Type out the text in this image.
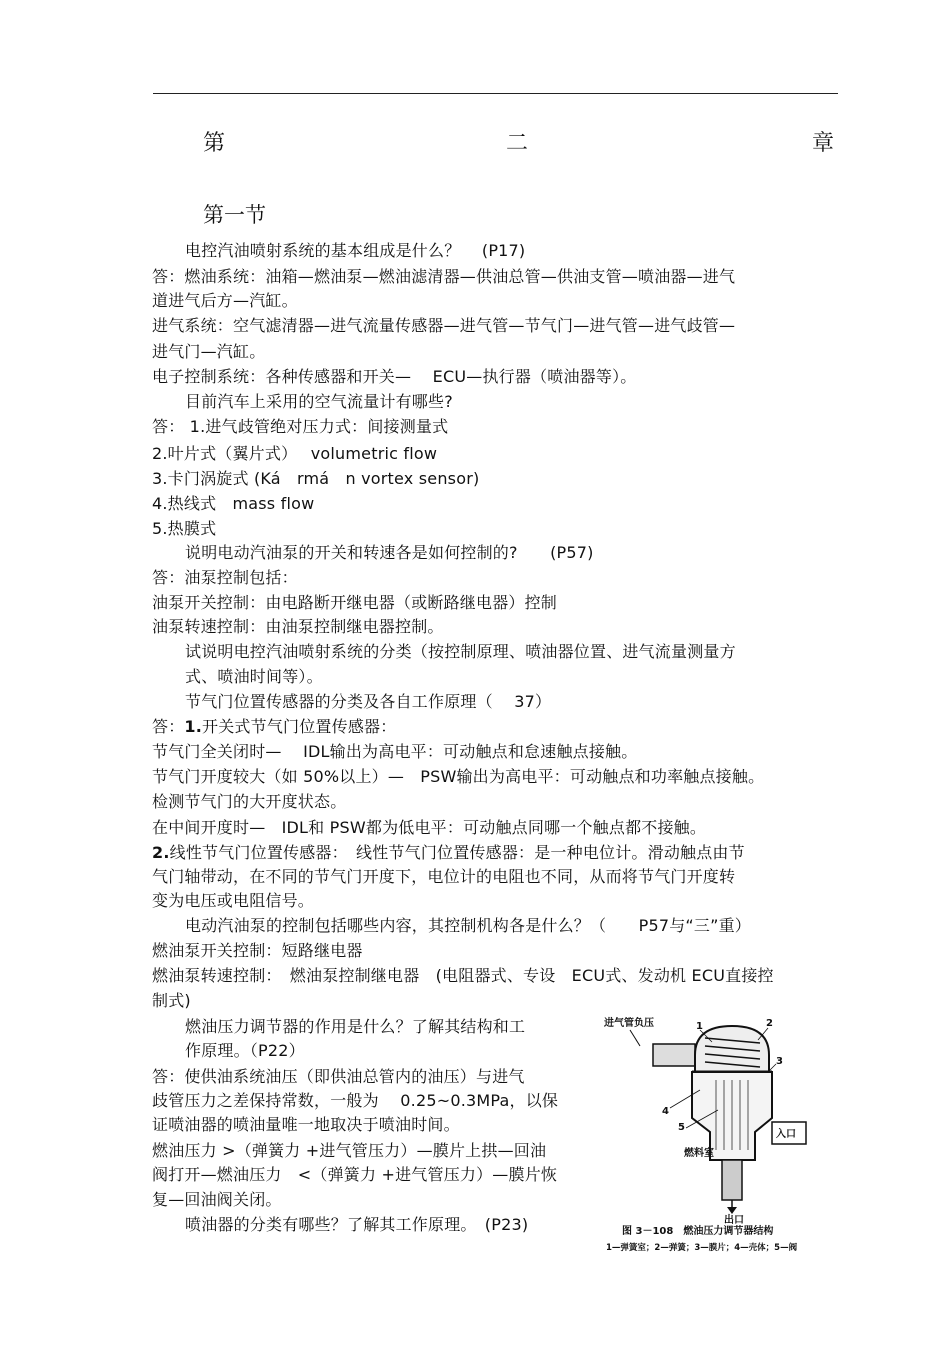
第	二	章
第一节
电控汽油喷射系统的基本组成是什么？　 (P17)
答：燃油系统：油箱—燃油泵—燃油滤清器—供油总管—供油支管—喷油器—进气
道进气后方—汽缸。
进气系统：空气滤清器—进气流量传感器—进气管—节气门—进气管—进气歧管—
进气门—汽缸。
电子控制系统：各种传感器和开关—　 ECU—执行器（喷油器等）。
目前汽车上采用的空气流量计有哪些?
答： 1.进气歧管绝对压力式：间接测量式
2.叶片式（翼片式）　 volumetric flow
3.卡门涡旋式 (Ká　rmá　n vortex sensor)
4.热线式　mass flow
5.热膜式
说明电动汽油泵的开关和转速各是如何控制的?　　(P57)
答：油泵控制包括：
油泵开关控制：由电路断开继电器（或断路继电器）控制
油泵转速控制：由油泵控制继电器控制。
试说明电控汽油喷射系统的分类（按控制原理、喷油器位置、进气流量测量方
式、喷油时间等）。
节气门位置传感器的分类及各自工作原理（　 37）
答：1.开关式节气门位置传感器：
节气门全关闭时—　 IDL输出为高电平：可动触点和怠速触点接触。
节气门开度较大（如 50%以上）—　PSW输出为高电平：可动触点和功率触点接触。
检测节气门的大开度状态。
在中间开度时—　IDL和 PSW都为低电平：可动触点同哪一个触点都不接触。
2.线性节气门位置传感器：　线性节气门位置传感器：是一种电位计。滑动触点由节
气门轴带动，在不同的节气门开度下，电位计的电阻也不同，从而将节气门开度转
变为电压或电阻信号。
电动汽油泵的控制包括哪些内容，其控制机构各是什么？（　　P57与“三”重）
燃油泵开关控制：短路继电器
燃油泵转速控制：　燃油泵控制继电器　(电阻器式、专设　ECU式、发动机 ECU直接控
制式)
燃油压力调节器的作用是什么？了解其结构和工
作原理。（P22）
答：使供油系统油压（即供油总管内的油压）与进气
歧管压力之差保持常数，一般为　 0.25~0.3MPa，以保
证喷油器的喷油量唯一地取决于喷油时间。
燃油压力 >（弹簧力 +进气管压力）—膜片上拱—回油
阀打开—燃油压力　<（弹簧力 +进气管压力）—膜片恢
复—回油阀关闭。
喷油器的分类有哪些？了解其工作原理。　(P23)
进气管负压	1	2
3
4
5
入口
燃料室
出口
图 3－108　燃油压力调节器结构
1—弹簧室；2—弹簧；3—膜片；4—壳体；5—阀
